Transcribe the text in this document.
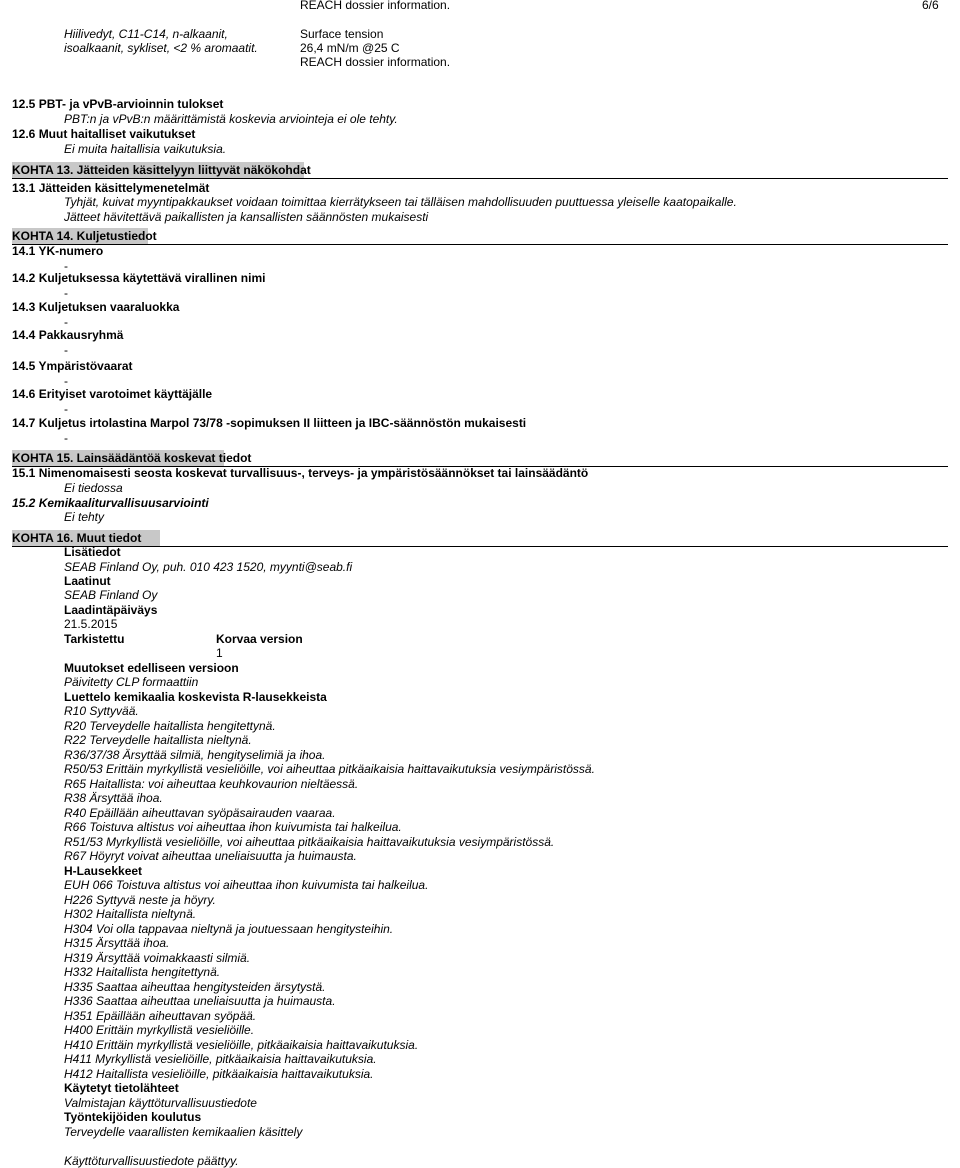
REACH dossier information.	6/6
Hiilivedyt, C11-C14, n-alkaanit,
isoalkaanit, sykliset, <2 % aromaatit.
Surface tension
26,4 mN/m @25 C
REACH dossier information.
12.5 PBT- ja vPvB-arvioinnin tulokset
PBT:n ja vPvB:n määrittämistä koskevia arviointeja ei ole tehty.
12.6 Muut haitalliset vaikutukset
Ei muita haitallisia vaikutuksia.
KOHTA 13. Jätteiden käsittelyyn liittyvät näkökohdat
13.1 Jätteiden käsittelymenetelmät
Tyhjät, kuivat myyntipakkaukset voidaan toimittaa kierrätykseen tai tälläisen mahdollisuuden puuttuessa yleiselle kaatopaikalle.
Jätteet hävitettävä paikallisten ja kansallisten säännösten mukaisesti
KOHTA 14. Kuljetustiedot
14.1 YK-numero
-
14.2 Kuljetuksessa käytettävä virallinen nimi
-
14.3 Kuljetuksen vaaraluokka
-
14.4 Pakkausryhmä
-
14.5 Ympäristövaarat
-
14.6 Erityiset varotoimet käyttäjälle
-
14.7 Kuljetus irtolastina Marpol 73/78 -sopimuksen II liitteen ja IBC-säännöstön mukaisesti
-
KOHTA 15. Lainsäädäntöä koskevat tiedot
15.1 Nimenomaisesti seosta koskevat turvallisuus-, terveys- ja ympäristösäännökset tai lainsäädäntö
Ei tiedossa
15.2 Kemikaaliturvallisuusarviointi
Ei tehty
KOHTA 16. Muut tiedot
Lisätiedot
SEAB Finland Oy, puh. 010 423 1520, myynti@seab.fi
Laatinut
SEAB Finland Oy
Laadintäpäiväys
21.5.2015
Tarkistettu	Korvaa version
1
Muutokset edelliseen versioon
Päivitetty CLP formaattiin
Luettelo kemikaalia koskevista R-lausekkeista
R10 Syttyvää.
R20 Terveydelle haitallista hengitettynä.
R22 Terveydelle haitallista nieltynä.
R36/37/38 Ärsyttää silmiä, hengityselimiä ja ihoa.
R50/53 Erittäin myrkyllistä vesieliöille, voi aiheuttaa pitkäaikaisia haittavaikutuksia vesiympäristössä.
R65 Haitallista: voi aiheuttaa keuhkovaurion nieltäessä.
R38 Ärsyttää ihoa.
R40 Epäillään aiheuttavan syöpäsairauden vaaraa.
R66 Toistuva altistus voi aiheuttaa ihon kuivumista tai halkeilua.
R51/53 Myrkyllistä vesieliöille, voi aiheuttaa pitkäaikaisia haittavaikutuksia vesiympäristössä.
R67 Höyryt voivat aiheuttaa uneliaisuutta ja huimausta.
H-Lausekkeet
EUH 066 Toistuva altistus voi aiheuttaa ihon kuivumista tai halkeilua.
H226 Syttyvä neste ja höyry.
H302 Haitallista nieltynä.
H304 Voi olla tappavaa nieltynä ja joutuessaan hengitysteihin.
H315 Ärsyttää ihoa.
H319 Ärsyttää voimakkaasti silmiä.
H332 Haitallista hengitettynä.
H335 Saattaa aiheuttaa hengitysteiden ärsytystä.
H336 Saattaa aiheuttaa uneliaisuutta ja huimausta.
H351 Epäillään aiheuttavan syöpää.
H400 Erittäin myrkyllistä vesieliöille.
H410 Erittäin myrkyllistä vesieliöille, pitkäaikaisia haittavaikutuksia.
H411 Myrkyllistä vesieliöille, pitkäaikaisia haittavaikutuksia.
H412 Haitallista vesieliöille, pitkäaikaisia haittavaikutuksia.
Käytetyt tietolähteet
Valmistajan käyttöturvallisuustiedote
Työntekijöiden koulutus
Terveydelle vaarallisten kemikaalien käsittely
Käyttöturvallisuustiedote päättyy.
